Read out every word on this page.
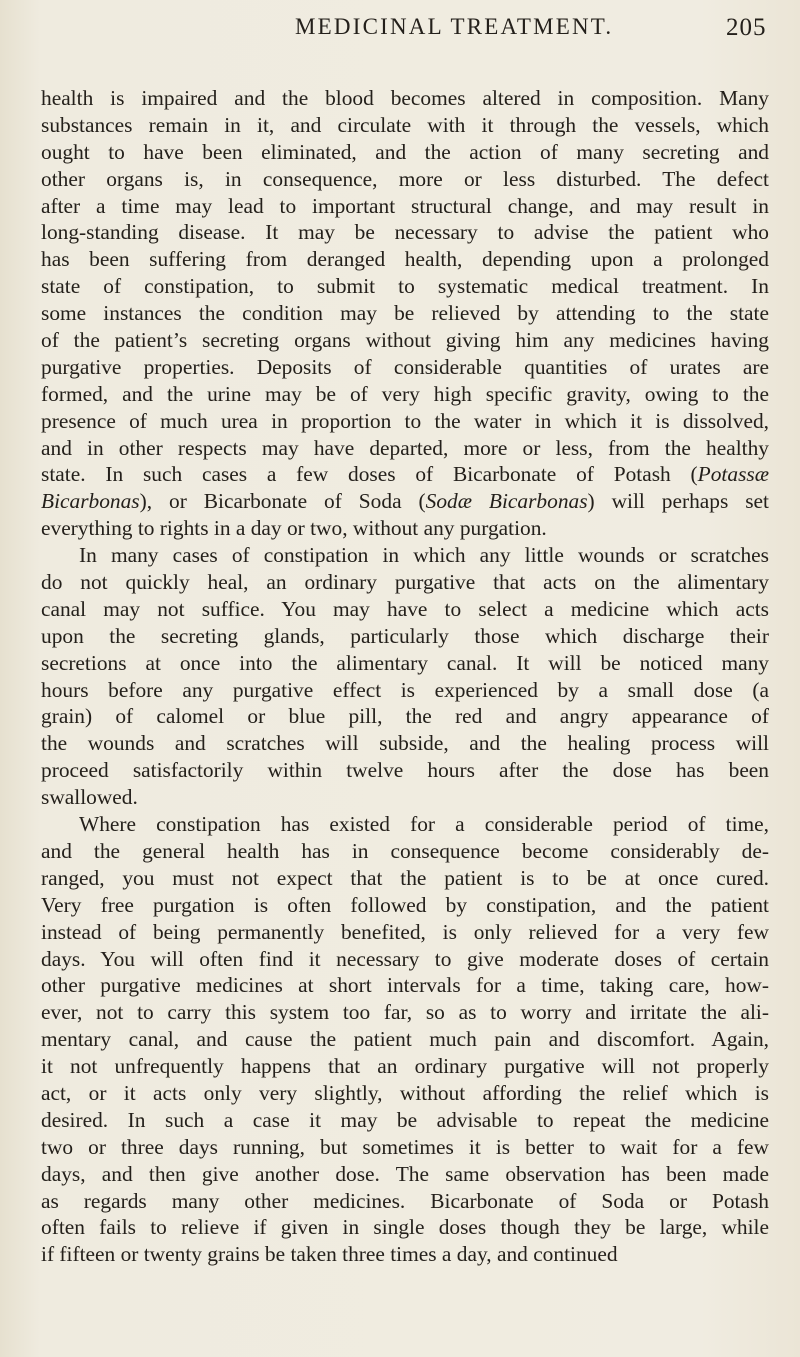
MEDICINAL TREATMENT.	205
health is impaired and the blood becomes altered in composition. Many
substances remain in it, and circulate with it through the vessels, which
ought to have been eliminated, and the action of many secreting and
other organs is, in consequence, more or less disturbed. The defect
after a time may lead to important structural change, and may result in
long-standing disease. It may be necessary to advise the patient who
has been suffering from deranged health, depending upon a prolonged
state of constipation, to submit to systematic medical treatment. In
some instances the condition may be relieved by attending to the state
of the patient’s secreting organs without giving him any medicines having
purgative properties. Deposits of considerable quantities of urates are
formed, and the urine may be of very high specific gravity, owing to the
presence of much urea in proportion to the water in which it is dissolved,
and in other respects may have departed, more or less, from the healthy
state. In such cases a few doses of Bicarbonate of Potash (Potassæ
Bicarbonas), or Bicarbonate of Soda (Sodæ Bicarbonas) will perhaps set
everything to rights in a day or two, without any purgation.
In many cases of constipation in which any little wounds or scratches
do not quickly heal, an ordinary purgative that acts on the alimentary
canal may not suffice. You may have to select a medicine which acts
upon the secreting glands, particularly those which discharge their
secretions at once into the alimentary canal. It will be noticed many
hours before any purgative effect is experienced by a small dose (a
grain) of calomel or blue pill, the red and angry appearance of
the wounds and scratches will subside, and the healing process will
proceed satisfactorily within twelve hours after the dose has been
swallowed.
Where constipation has existed for a considerable period of time,
and the general health has in consequence become considerably de-
ranged, you must not expect that the patient is to be at once cured.
Very free purgation is often followed by constipation, and the patient
instead of being permanently benefited, is only relieved for a very few
days. You will often find it necessary to give moderate doses of certain
other purgative medicines at short intervals for a time, taking care, how-
ever, not to carry this system too far, so as to worry and irritate the ali-
mentary canal, and cause the patient much pain and discomfort. Again,
it not unfrequently happens that an ordinary purgative will not properly
act, or it acts only very slightly, without affording the relief which is
desired. In such a case it may be advisable to repeat the medicine
two or three days running, but sometimes it is better to wait for a few
days, and then give another dose. The same observation has been made
as regards many other medicines. Bicarbonate of Soda or Potash
often fails to relieve if given in single doses though they be large, while
if fifteen or twenty grains be taken three times a day, and continued
